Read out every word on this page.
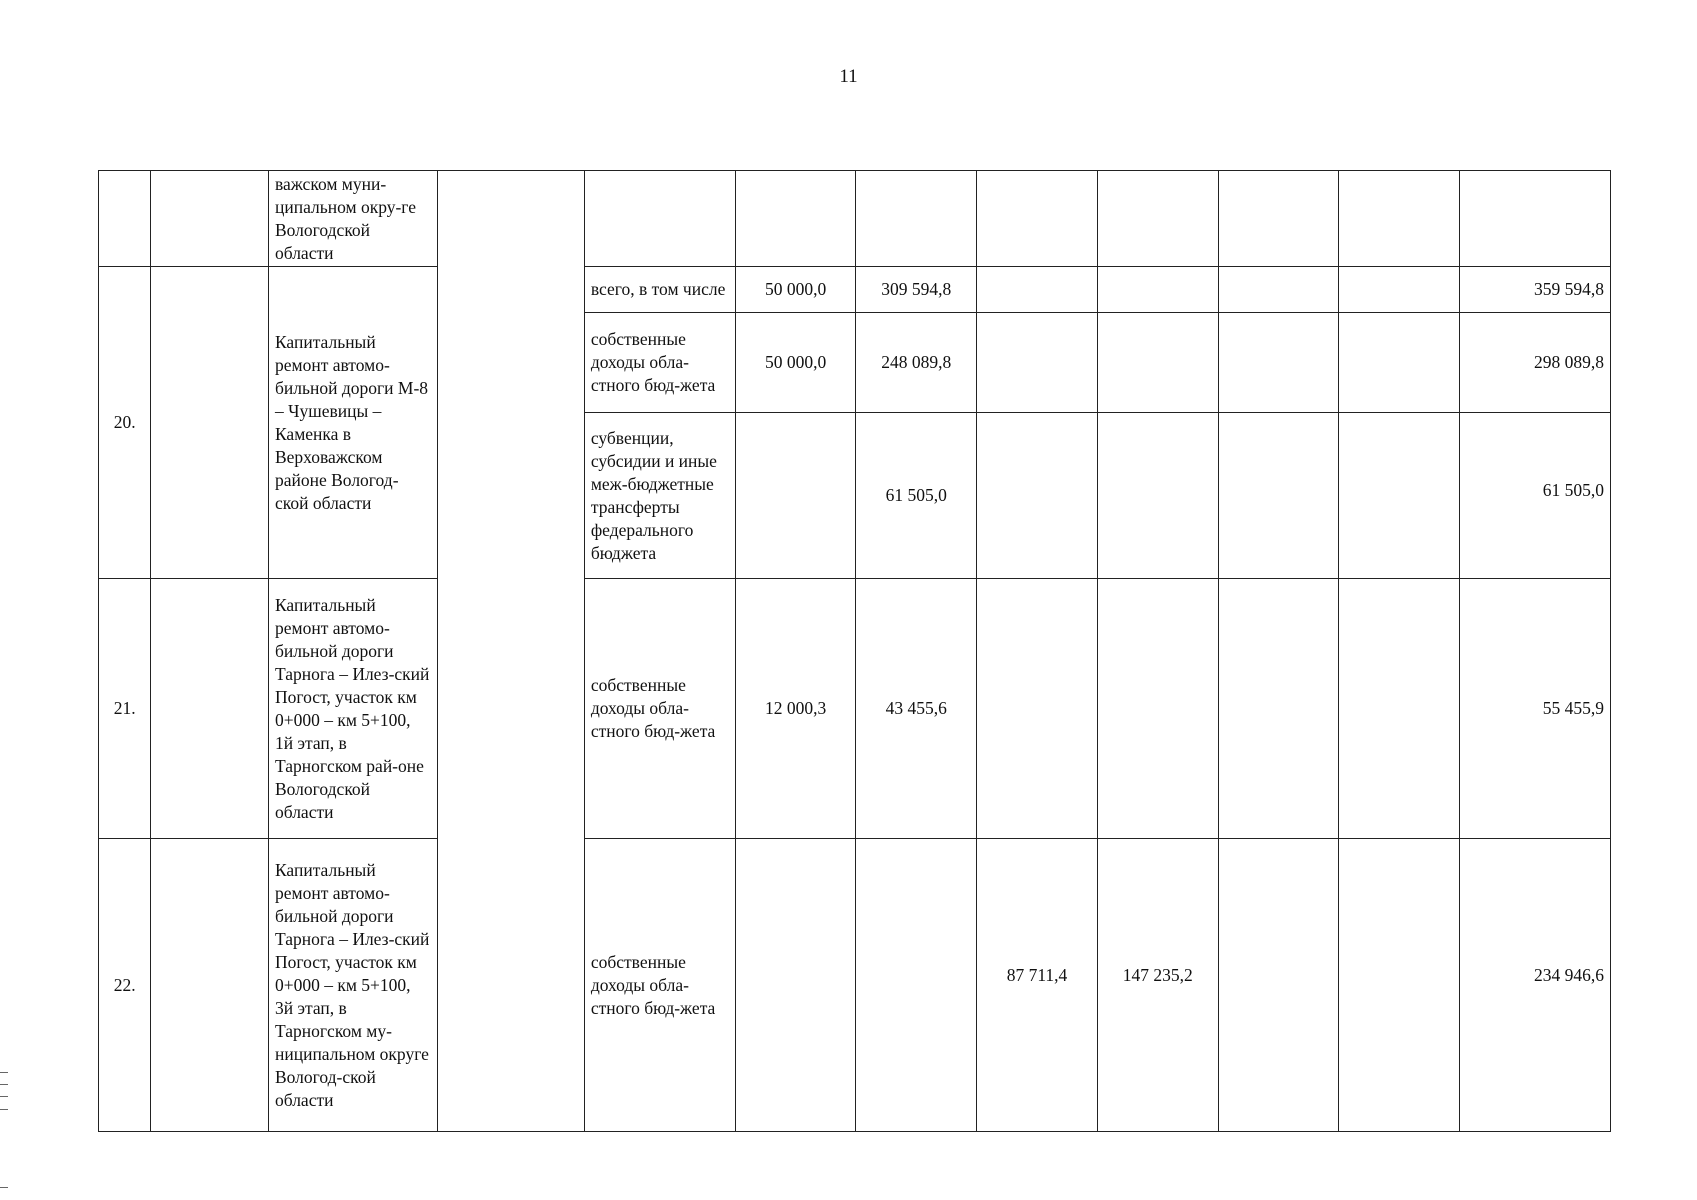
11
		важском муни-ципальном окру-ге Вологодской области									
20.		Капитальный ремонт автомо-бильной дороги М-8 – Чушевицы – Каменка в Верховажском районе Вологод-ской области		всего, в том числе	50 000,0	309 594,8					359 594,8
				собственные доходы обла-стного бюд-жета	50 000,0	248 089,8					298 089,8
				субвенции, субсидии и иные меж-бюджетные трансферты федерального бюджета		61 505,0					61 505,0
21.		Капитальный ремонт автомо-бильной дороги Тарнога – Илез-ский Погост, участок км 0+000 – км 5+100, 1й этап, в Тарногском рай-оне Вологодской области		собственные доходы обла-стного бюд-жета	12 000,3	43 455,6					55 455,9
22.		Капитальный ремонт автомо-бильной дороги Тарнога – Илез-ский Погост, участок км 0+000 – км 5+100, 3й этап, в Тарногском му-ниципальном округе Вологод-ской области		собственные доходы обла-стного бюд-жета			87 711,4	147 235,2			234 946,6
